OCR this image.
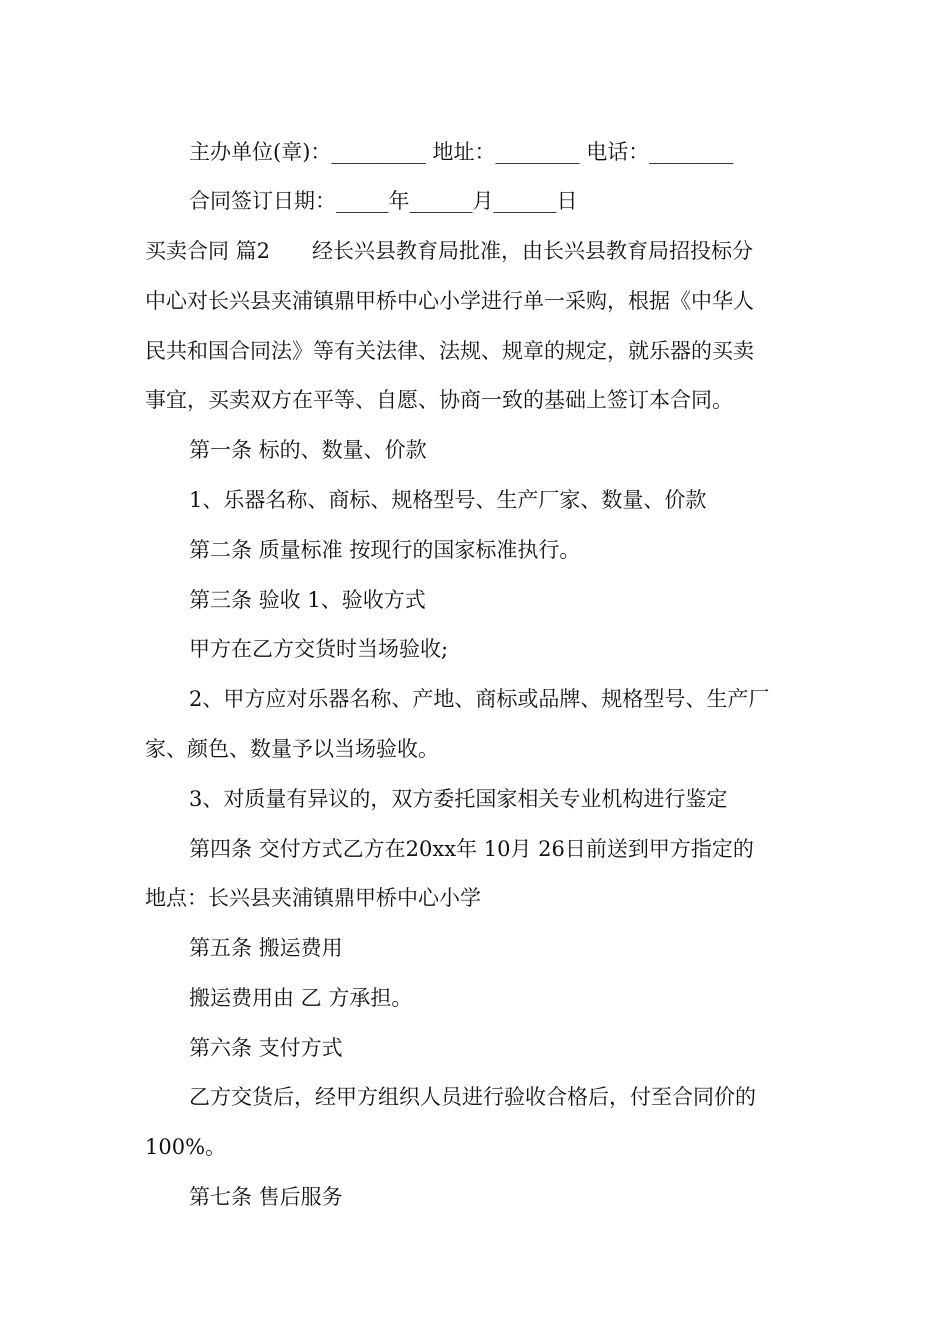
主办单位(章)：_________ 地址：________ 电话：________
合同签订日期：_____年______月______日
买卖合同 篇2　　经长兴县教育局批准，由长兴县教育局招投标分
中心对长兴县夹浦镇鼎甲桥中心小学进行单一采购，根据《中华人
民共和国合同法》等有关法律、法规、规章的规定，就乐器的买卖
事宜，买卖双方在平等、自愿、协商一致的基础上签订本合同。
第一条 标的、数量、价款
1、乐器名称、商标、规格型号、生产厂家、数量、价款
第二条 质量标准 按现行的国家标准执行。
第三条 验收 1、验收方式
甲方在乙方交货时当场验收;
2、甲方应对乐器名称、产地、商标或品牌、规格型号、生产厂
家、颜色、数量予以当场验收。
3、对质量有异议的，双方委托国家相关专业机构进行鉴定
第四条 交付方式乙方在20xx年 10月 26日前送到甲方指定的
地点：长兴县夹浦镇鼎甲桥中心小学
第五条 搬运费用
搬运费用由 乙 方承担。
第六条 支付方式
乙方交货后，经甲方组织人员进行验收合格后，付至合同价的
100%。
第七条 售后服务
